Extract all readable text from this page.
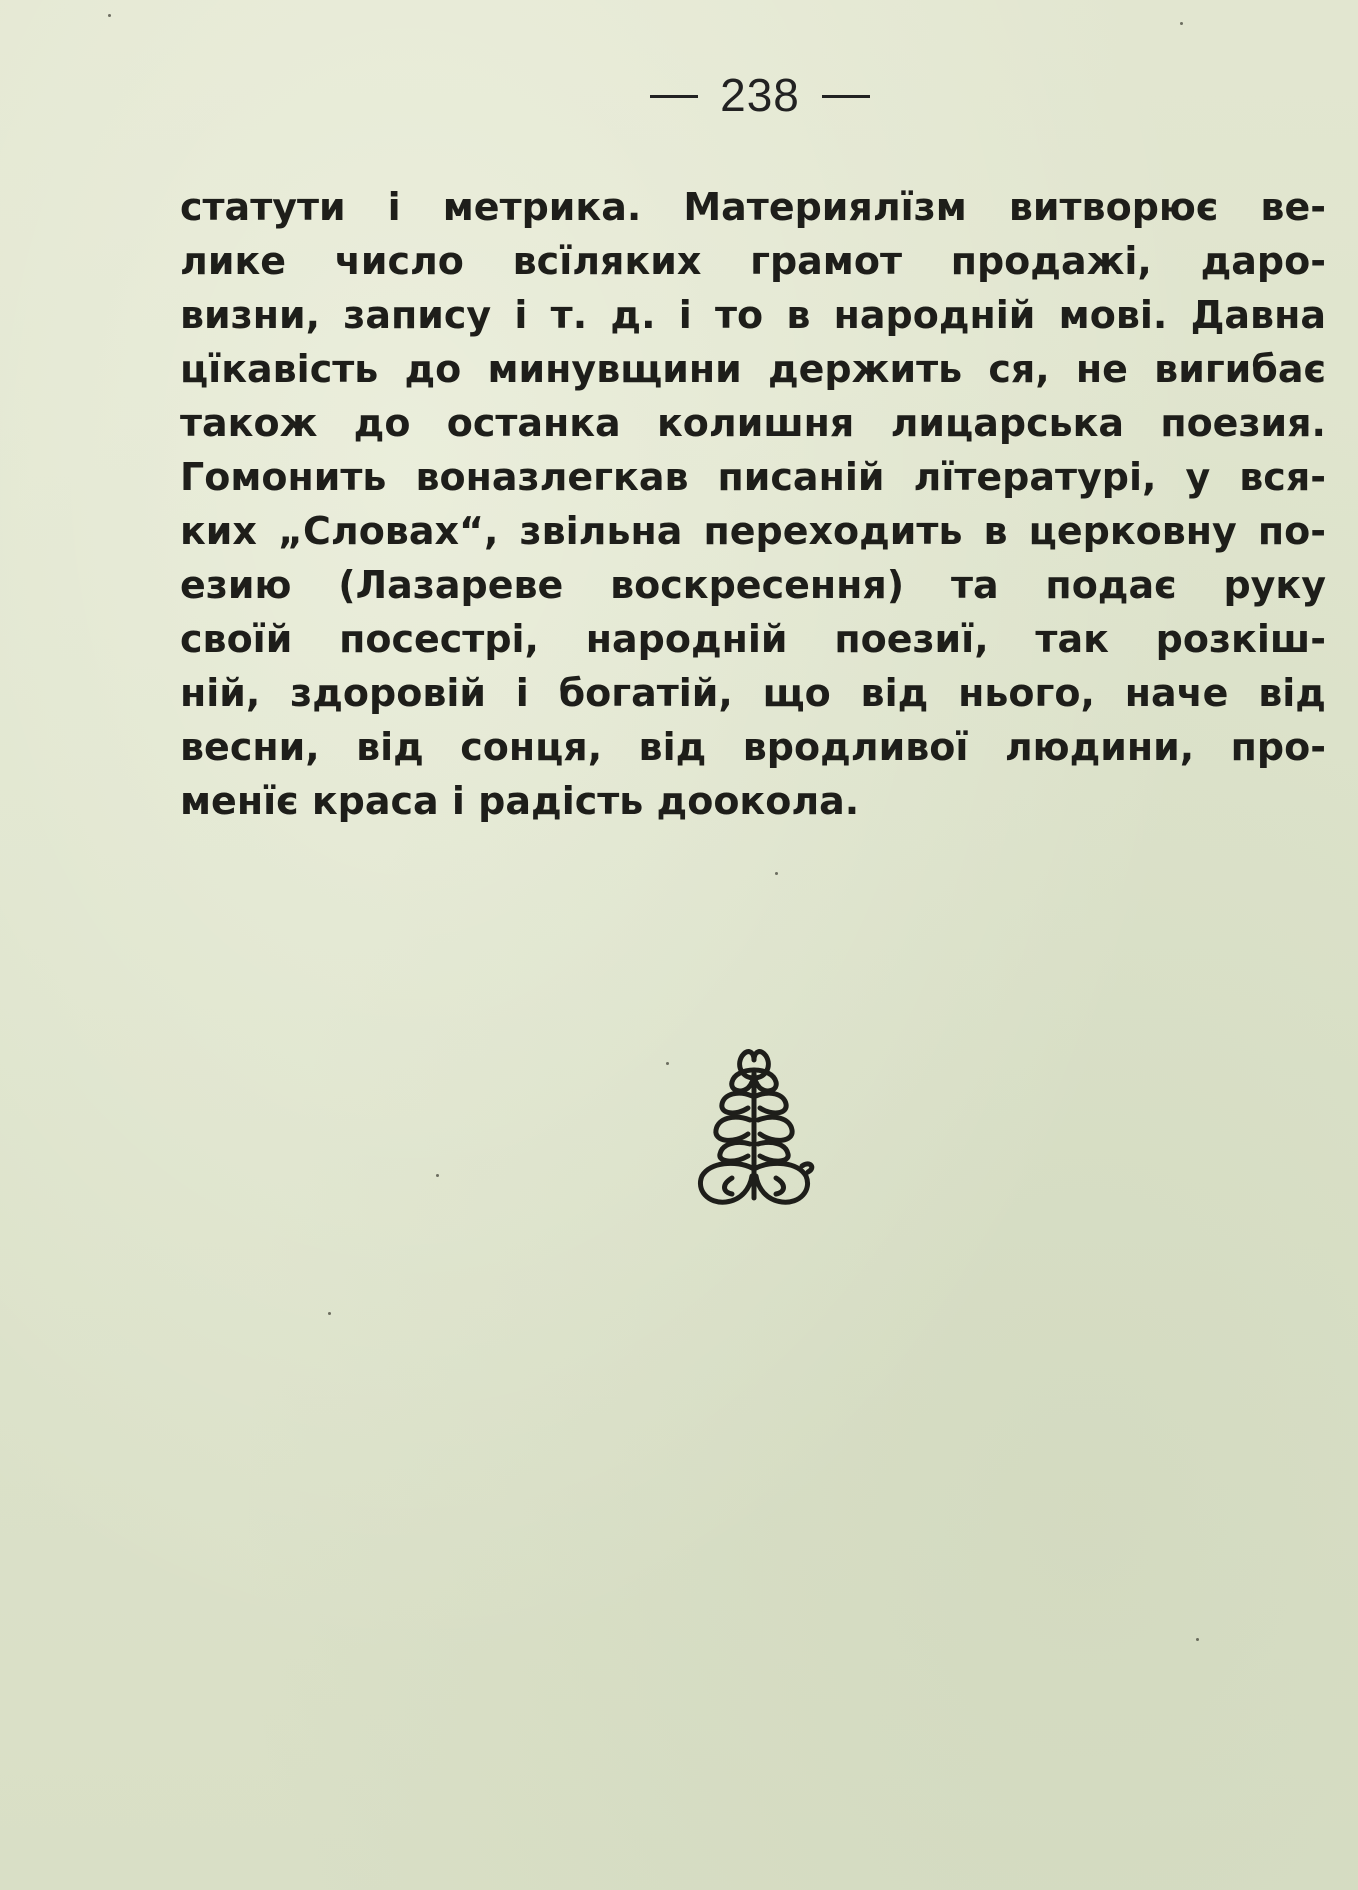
238
статути і метрика. Материялїзм витворює ве-
лике число всїляких грамот продажі, даро-
визни, запису і т. д. і то в народній мові. Давна
цїкавість до минувщини держить ся, не вигибає
також до останка колишня лицарська поезия.
Гомонить воназлегкав писаній лїтературі, у вся-
ких „Словах“, звільна переходить в церковну по-
езию (Лазареве воскресення) та подає руку
своїй посестрі, народній поезиї, так розкіш-
ній, здоровій і богатій, що від нього, наче від
весни, від сонця, від вродливої людини, про-
менїє краса і радість доокола.
